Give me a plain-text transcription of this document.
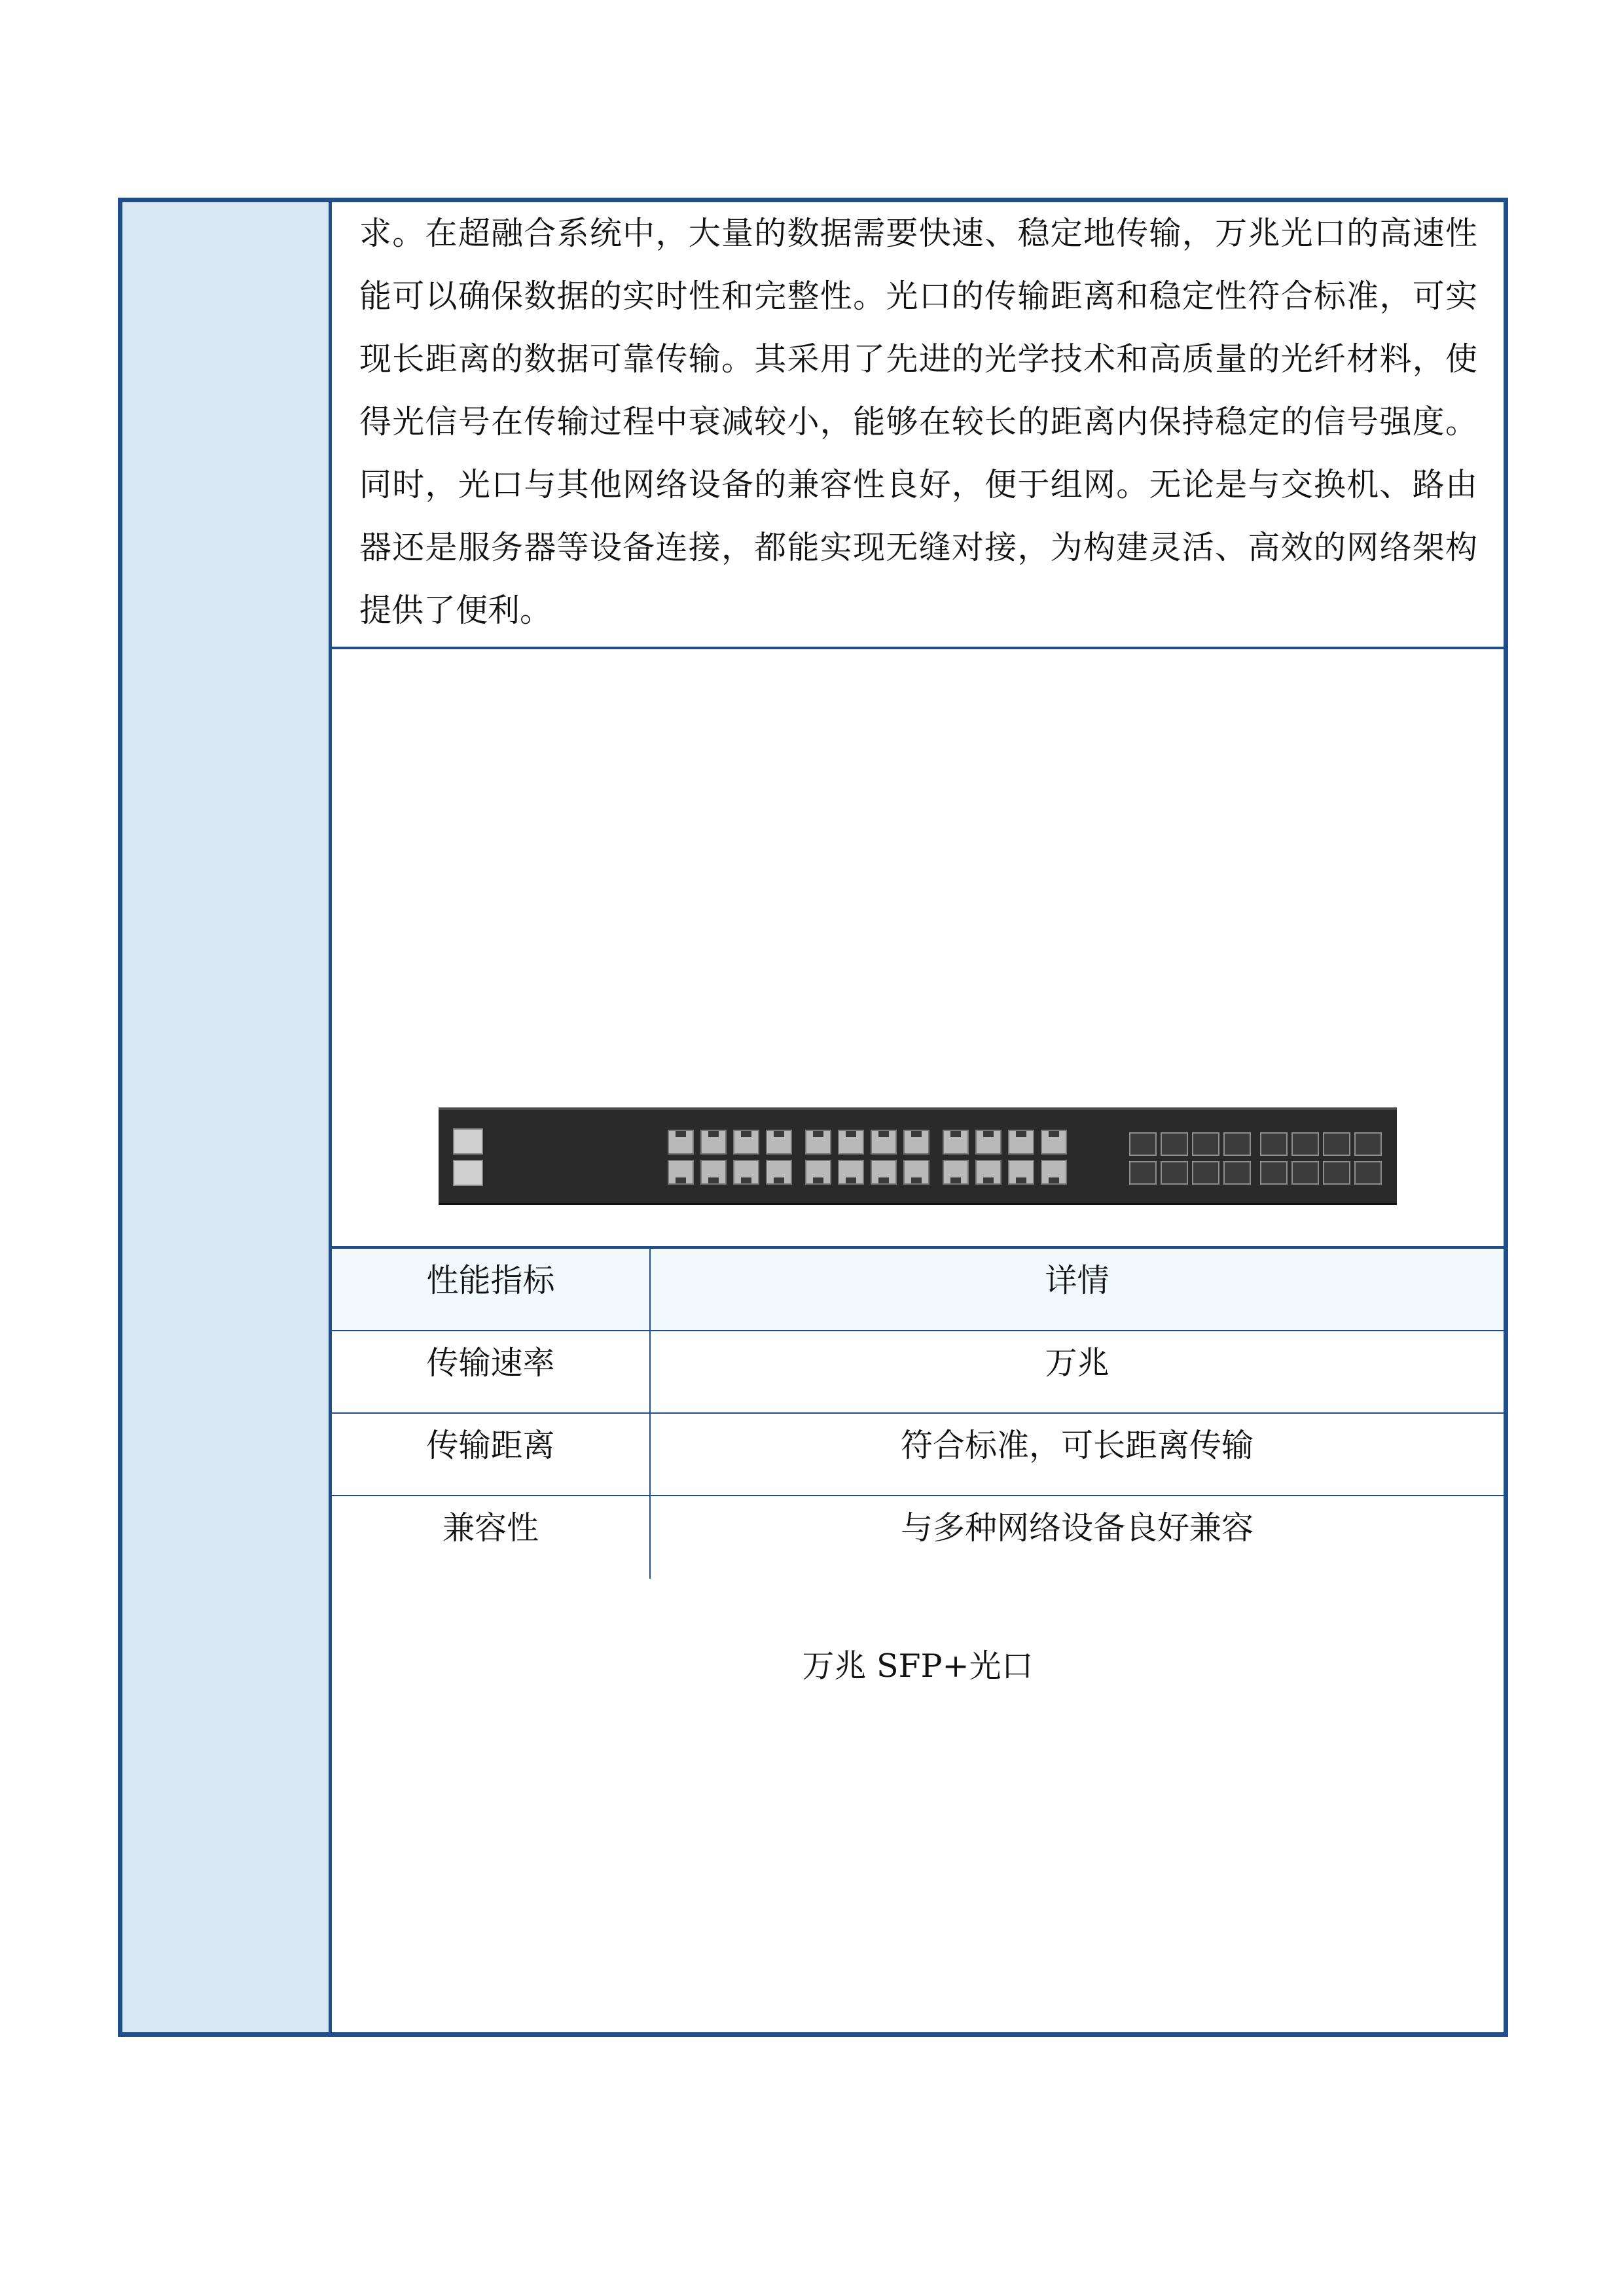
求。在超融合系统中，大量的数据需要快速、稳定地传输，万兆光口的高速性能可以确保数据的实时性和完整性。光口的传输距离和稳定性符合标准，可实现长距离的数据可靠传输。其采用了先进的光学技术和高质量的光纤材料，使得光信号在传输过程中衰减较小，能够在较长的距离内保持稳定的信号强度。同时，光口与其他网络设备的兼容性良好，便于组网。无论是与交换机、路由器还是服务器等设备连接，都能实现无缝对接，为构建灵活、高效的网络架构提供了便利。

万兆 SFP+光口
性能指标	详情
传输速率	万兆
传输距离	符合标准，可长距离传输
兼容性	与多种网络设备良好兼容
